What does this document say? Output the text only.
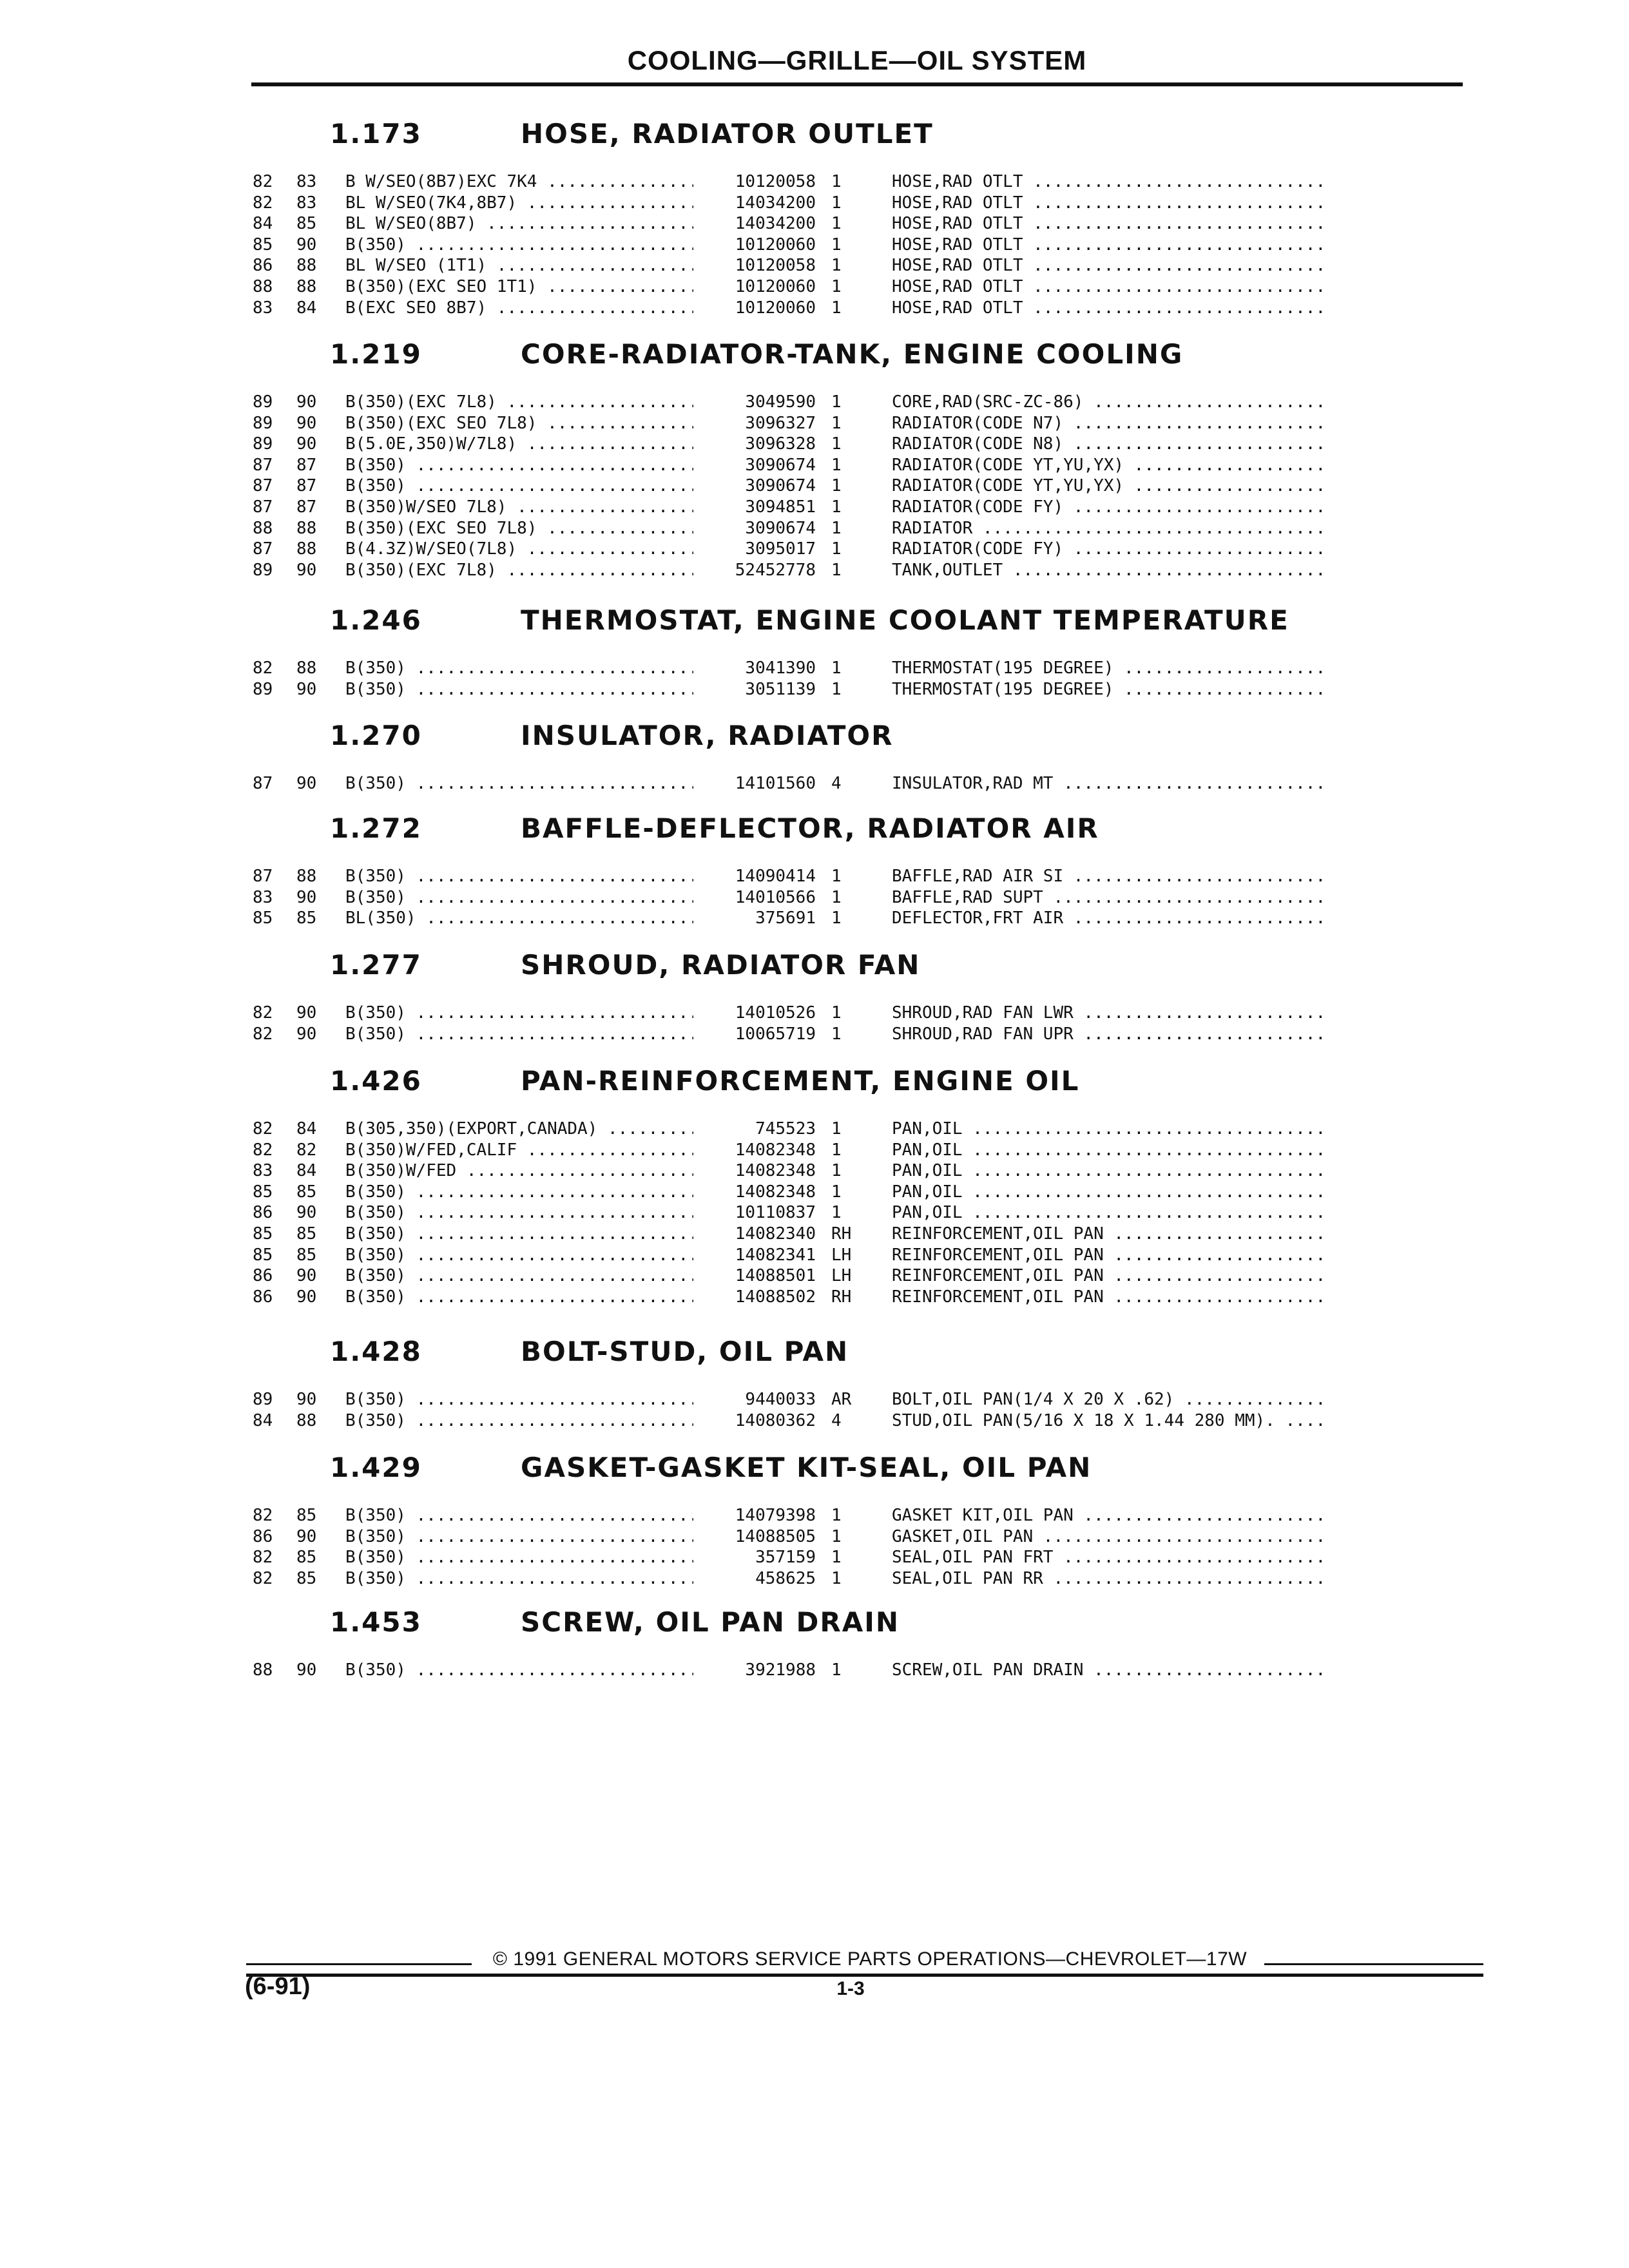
COOLING—GRILLE—OIL SYSTEM
1.173	HOSE, RADIATOR OUTLET
82 83 B W/SEO(8B7)EXC 7K4 .....	10120058 1	HOSE,RAD OTLT .....
82 83 BL W/SEO(7K4,8B7) .....	14034200 1	HOSE,RAD OTLT .....
84 85 BL W/SEO(8B7) .....	14034200 1	HOSE,RAD OTLT .....
85 90 B(350) .....	10120060 1	HOSE,RAD OTLT .....
86 88 BL W/SEO (1T1) .....	10120058 1	HOSE,RAD OTLT .....
88 88 B(350)(EXC SEO 1T1) .....	10120060 1	HOSE,RAD OTLT .....
83 84 B(EXC SEO 8B7) .....	10120060 1	HOSE,RAD OTLT .....
1.219	CORE-RADIATOR-TANK, ENGINE COOLING
89 90 B(350)(EXC 7L8) .....	3049590 1	CORE,RAD(SRC-ZC-86) .....
89 90 B(350)(EXC SEO 7L8) .....	3096327 1	RADIATOR(CODE N7) .....
89 90 B(5.0E,350)W/7L8) .....	3096328 1	RADIATOR(CODE N8) .....
87 87 B(350) .....	3090674 1	RADIATOR(CODE YT,YU,YX) .....
87 87 B(350) .....	3090674 1	RADIATOR(CODE YT,YU,YX) .....
87 87 B(350)W/SEO 7L8) .....	3094851 1	RADIATOR(CODE FY) .....
88 88 B(350)(EXC SEO 7L8) .....	3090674 1	RADIATOR .....
87 88 B(4.3Z)W/SEO(7L8) .....	3095017 1	RADIATOR(CODE FY) .....
89 90 B(350)(EXC 7L8) .....	52452778 1	TANK,OUTLET .....
1.246	THERMOSTAT, ENGINE COOLANT TEMPERATURE
82 88 B(350) .....	3041390 1	THERMOSTAT(195 DEGREE) .....
89 90 B(350) .....	3051139 1	THERMOSTAT(195 DEGREE) .....
1.270	INSULATOR, RADIATOR
87 90 B(350) .....	14101560 4	INSULATOR,RAD MT .....
1.272	BAFFLE-DEFLECTOR, RADIATOR AIR
87 88 B(350) .....	14090414 1	BAFFLE,RAD AIR SI .....
83 90 B(350) .....	14010566 1	BAFFLE,RAD SUPT .....
85 85 BL(350) .....	375691 1	DEFLECTOR,FRT AIR .....
1.277	SHROUD, RADIATOR FAN
82 90 B(350) .....	14010526 1	SHROUD,RAD FAN LWR .....
82 90 B(350) .....	10065719 1	SHROUD,RAD FAN UPR .....
1.426	PAN-REINFORCEMENT, ENGINE OIL
82 84 B(305,350)(EXPORT,CANADA) .....	745523 1	PAN,OIL .....
82 82 B(350)W/FED,CALIF .....	14082348 1	PAN,OIL .....
83 84 B(350)W/FED .....	14082348 1	PAN,OIL .....
85 85 B(350) .....	14082348 1	PAN,OIL .....
86 90 B(350) .....	10110837 1	PAN,OIL .....
85 85 B(350) .....	14082340 RH REINFORCEMENT,OIL PAN .....
85 85 B(350) .....	14082341 LH REINFORCEMENT,OIL PAN .....
86 90 B(350) .....	14088501 LH REINFORCEMENT,OIL PAN .....
86 90 B(350) .....	14088502 RH REINFORCEMENT,OIL PAN .....
1.428	BOLT-STUD, OIL PAN
89 90 B(350) .....	9440033 AR BOLT,OIL PAN(1/4 X 20 X .62) .....
84 88 B(350) .....	14080362 4	STUD,OIL PAN(5/16 X 18 X 1.44 280 MM). .....
1.429	GASKET-GASKET KIT-SEAL, OIL PAN
82 85 B(350) .....	14079398 1	GASKET KIT,OIL PAN .....
86 90 B(350) .....	14088505 1	GASKET,OIL PAN .....
82 85 B(350) .....	357159 1	SEAL,OIL PAN FRT .....
82 85 B(350) .....	458625 1	SEAL,OIL PAN RR .....
1.453	SCREW, OIL PAN DRAIN
88 90 B(350) .....	3921988 1	SCREW,OIL PAN DRAIN .....
© 1991 GENERAL MOTORS SERVICE PARTS OPERATIONS—CHEVROLET—17W
(6-91)	1-3
